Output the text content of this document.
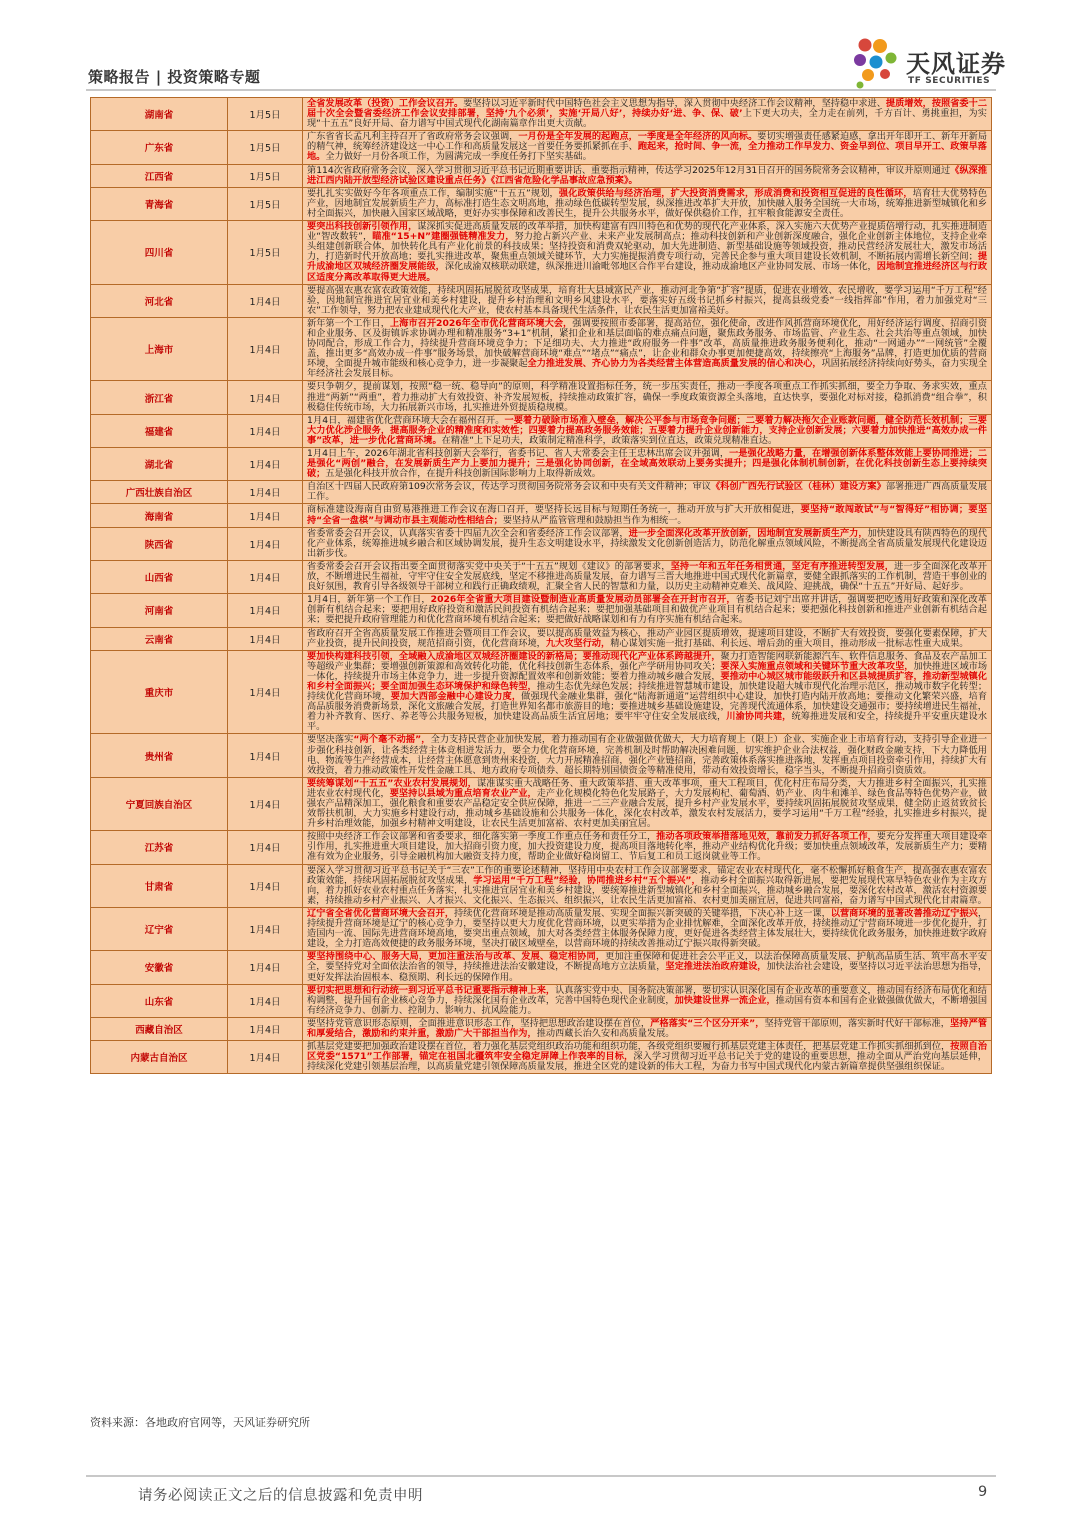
策略报告 | 投资策略专题	天风证券
TF SECURITIES
湖南省	1月5日	全省发展改革（投资）工作会议召开。要坚持以习近平新时代中国特色社会主义思想为指导，深入贯彻中央经济工作会议精神，坚持稳中求进、提质增效，按照省委十二届十次全会暨省委经济工作会议安排部署，坚持‘九个必须’，实施‘开局八好’，持续办好‘进、争、保、破’上下更大功夫，全力走在前列，千方百计、勇挑重担，为实现“十五五”良好开局、奋力谱写中国式现代化湖南篇章作出更大贡献。
广东省	1月5日	广东省省长孟凡利主持召开了省政府常务会议强调，一月份是全年发展的起跑点，一季度是全年经济的风向标。要切实增强责任感紧迫感，拿出开年即开工、新年开新局的精气神，统筹经济建设这一中心工作和高质量发展这一首要任务要抓紧抓在手、跑起来，抢时间、争一流，全力推动工作早发力、资金早到位、项目早开工、政策早落地。全力做好一月份各项工作，为圆满完成一季度任务打下坚实基础。
江西省	1月5日	第114次省政府常务会议，深入学习贯彻习近平总书记近期重要讲话、重要指示精神，传达学习2025年12月31日召开的国务院常务会议精神，审议并原则通过《纵深推进江西内陆开放型经济试验区建设重点任务》《江西省危险化学品事故应急预案》。
青海省	1月5日	要扎扎实实做好今年各项重点工作，编制实施“十五五”规划，强化政策供给与经济治理，扩大投资消费需求，形成消费和投资相互促进的良性循环，培育壮大优势特色产业，因地制宜发展新质生产力，高标准打造生态文明高地，推动绿色低碳转型发展，纵深推进改革扩大开放，加快融入服务全国统一大市场，统筹推进新型城镇化和乡村全面振兴，加快融入国家区域战略，更好办实事保障和改善民生，提升公共服务水平，做好保供稳价工作，扛牢粮食能源安全责任。
四川省	1月5日	要突出科技创新引领作用，谋深抓实促进高质量发展的改革举措，加快构建富有四川特色和优势的现代化产业体系，深入实施六大优势产业提质倍增行动，扎实推进制造业“智改数转”，瞄准“15+N”建圈强链精准发力，努力抢占新兴产业、未来产业发展制高点；推动科技创新和产业创新深度融合，强化企业创新主体地位，支持企业牵头组建创新联合体，加快转化具有产业化前景的科技成果；坚持投资和消费双轮驱动，加大先进制造、新型基础设施等领域投资，推动民营经济发展壮大，激发市场活力，打造新时代开放高地；要扎实推进改革，聚焦重点领域关键环节，大力实施提振消费专项行动，完善民企参与重大项目建设长效机制，不断拓展内需增长新空间；提升成渝地区双城经济圈发展能级，深化成渝双核联动联建，纵深推进川渝毗邻地区合作平台建设，推动成渝地区产业协同发展、市场一体化，因地制宜推进经济区与行政区适度分离改革取得更大进展。
河北省	1月4日	要提高强农惠农富农政策效能，持续巩固拓展脱贫攻坚成果，培育壮大县域富民产业，推动河北争第“扩容”提质，促进农业增效、农民增收，要学习运用“千万工程”经验，因地制宜推进宜居宜业和美乡村建设，提升乡村治理和文明乡风建设水平，要落实好五级书记抓乡村振兴，提高县级党委“一线指挥部”作用，着力加强党对“三农”工作领导，努力把农业建成现代化大产业，使农村基本具备现代生活条件，让农民生活更加富裕美好。
上海市	1月4日	新年第一个工作日，上海市召开2026年全市优化营商环境大会，强调要按照市委部署，提高站位，强化使命，改进作风抓营商环境优化，用好经济运行调度、招商引资和企业服务、区及街镇诉求协调办理和精准服务“3+1”机制，紧扣企业和基层面临的难点痛点问题，聚焦政务服务、市场监管、产业生态、社会共治等重点领域，加快协同配合，形成工作合力，持续提升营商环境竞争力；下足细功夫、大力推进“政府服务一件事”改革，高质量推进政务服务便利化，推动“一网通办”“一网统管”全覆盖，推出更多“高效办成一件事”服务场景，加快破解营商环境“难点”“堵点”“痛点”，让企业和群众办事更加便捷高效，持续擦亮“上海服务”品牌，打造更加优质的营商环境，全面提升城市能级和核心竞争力，进一步凝聚起全力推进发展、齐心协力为各类经营主体营造高质量发展的信心和决心，巩固拓展经济持续向好势头，奋力实现全年经济社会发展目标。
浙江省	1月4日	要只争朝夕，提前谋划，按照“稳一统、稳导向”的原则，科学精准设置指标任务，统一步压实责任，推动一季度各项重点工作抓实抓细，要全力争取、务求实效，重点推进“两新”“两重”，着力推动扩大有效投资、补齐发展短板，持续推动政策扩容，确保一季度政策资源全头落地，直达快享，要强化对标对接，稳抓消费“组合拳”，积极稳住传统市场，大力拓展新兴市场，扎实推进外贸提质稳规模。
福建省	1月4日	1月4日，福建省优化营商环境大会在福州召开。一要着力破除市场准入壁垒，解决公平参与市场竞争问题；二要着力解决拖欠企业账款问题，健全防范长效机制；三要大力优化涉企服务，提高服务企业的精准度和实效性；四要着力提高政务服务效能；五要着力提升企业创新能力，支持企业创新发展；六要着力加快推进“高效办成一件事”改革，进一步优化营商环境。在精准“上下足功夫，政策制定精准科学，政策落实到位直达，政策兑现精准直达。
湖北省	1月4日	1月4日上午，2026年湖北省科技创新大会举行，省委书记、省人大常委会主任王忠林出席会议并强调，一是强化战略力量，在增强创新体系整体效能上要协同推进；二是强化“两创”融合，在发展新质生产力上要加力提升；三是强化协同创新，在全域高效联动上要务实提升；四是强化体制机制创新，在优化科技创新生态上要持续突破；五是强化科技开放合作，在提升科技创新国际影响力上取得新成效。
广西壮族自治区	1月4日	自治区十四届人民政府第109次常务会议，传达学习贯彻国务院常务会议和中央有关文件精神；审议《科创广西先行试验区（桂林）建设方案》部署推进广西高质量发展工作。
海南省	1月4日	商标准建设海南自由贸易港推进工作会议在海口召开，要坚持长远目标与短期任务统一，推动开放与扩大开放相促进，要坚持“敢闯敢试”与“智得好”相协调；要坚持“全省一盘棋”与调动市县主观能动性相结合；要坚持从严监管管理和鼓励担当作为相统一。
陕西省	1月4日	省委常委会召开会议，认真落实省委十四届九次全会和省委经济工作会议部署，进一步全面深化改革开放创新，因地制宜发展新质生产力，加快建设具有陕西特色的现代化产业体系，统筹推进城乡融合和区域协调发展，提升生态文明建设水平，持续激发文化创新创造活力，防范化解重点领域风险，不断提高全省高质量发展现代化建设迈出新步伐。
山西省	1月4日	省委常委会召开会议指出要全面贯彻落实党中央关于“十五五”规划《建议》的部署要求，坚持一年和五年任务相贯通，坚定有序推进转型发展，进一步全面深化改革开放，不断增进民生福祉，守牢守住安全发展底线，坚定不移推进高质量发展，奋力谱写三晋大地推进中国式现代化新篇章，要健全跟抓落实的工作机制，营造干事创业的良好氛围，教育引导各级领导干部树立和践行正确政绩观，汇聚全省人民的智慧和力量，以历史主动精神克难关、战风险、迎挑战，确保“十五五”开好局、起好步。
河南省	1月4日	1月4日，新年第一个工作日，2026年全省重大项目建设暨制造业高质量发展动员部署会在开封市召开，省委书记刘宁出席并讲话，强调要把吃透用好政策和深化改革创新有机结合起来；要把用好政府投资和激活民间投资有机结合起来；要把加强基础项目和做优产业项目有机结合起来；要把强化科技创新和推进产业创新有机结合起来；要把提升政府管理能力和优化营商环境有机结合起来；要把做好战略谋划和有力有序实施有机结合起来。
云南省	1月4日	省政府召开全省高质量发展工作推进会暨项目工作会议，要以提高质量效益为核心，推动产业园区提质增效，提速项目建设，不断扩大有效投资，要强化要素保障，扩大产业投资，提升民间投资，规范招商引资，优化营商环境，九大攻坚行动，精心谋划实施一批打基础、利长远、增后劲的重大项目，推动形成一批标志性重大成果。
重庆市	1月4日	要加快构建科技引领，全域融入成渝地区双城经济圈建设的新格局；要推动现代化产业体系跨越提升，聚力打造智能网联新能源汽车、软件信息服务、食品及农产品加工等超级产业集群；要增强创新策源和高效转化功能，优化科技创新生态体系，强化产学研用协同攻关；要深入实施重点领域和关键环节重大改革攻坚，加快推进区域市场一体化，持续提升市场主体竞争力，进一步提升资源配置效率和创新效能；要着力推动城乡融合发展，要推动中心城区城市能级跃升和区县城提质扩容，推动新型城镇化和乡村全面振兴；要全面加强生态环境保护和绿色转型，推动生态优先绿色发展；持续推进智慧城市建设，加快建设超大城市现代化治理示范区，推动城市数字化转型；持续优化营商环境，要加大西部金融中心建设力度，做强现代金融业集群，强化“陆海新通道”运营组织中心建设，加快打造内陆开放高地；要推动文化繁荣兴盛，培育高品质服务消费新场景，深化文旅融合发展，打造世界知名都市旅游目的地；要推进城乡基础设施建设，完善现代流通体系，加快建设交通强市；要持续增进民生福祉，着力补齐教育、医疗、养老等公共服务短板，加快建设高品质生活宜居地；要牢牢守住安全发展底线，川渝协同共建，统筹推进发展和安全，持续提升平安重庆建设水平。
贵州省	1月4日	要坚决落实“两个毫不动摇”，全力支持民营企业加快发展，着力推动国有企业做强做优做大，大力培育规上（限上）企业、实施企业上市培育行动，支持引导企业进一步强化科技创新，让各类经营主体竞相迸发活力，要全力优化营商环境，完善机制及时帮助解决困难问题，切实维护企业合法权益，强化财政金融支持，下大力降低用电、物流等生产经营成本，让经营主体愿意到贵州来投资，大力开展精准招商，强化产业链招商，完善政策体系落实推进落地，发挥重点项目投资牵引作用，持续扩大有效投资，着力推动政策性开发性金融工具、地方政府专项债券、超长期特别国债资金等精准使用，带动有效投资增长，稳字当头，不断提升招商引资质效。
宁夏回族自治区	1月4日	要统筹谋划“十五五”农业农村发展规划，谋准谋实重大战略任务、重大政策举措、重大改革事项，重大工程项目，优化村庄布局分类，大力推进乡村全面振兴，扎实推进农业农村现代化，要坚持以县域为重点培育农业产业，走产业化规模化特色化发展路子，大力发展枸杞、葡萄酒、奶产业、肉牛和滩羊、绿色食品等特色优势产业，做强农产品精深加工，强化粮食和重要农产品稳定安全供应保障，推进一二三产业融合发展，提升乡村产业发展水平，要持续巩固拓展脱贫攻坚成果，健全防止返贫致贫长效帮扶机制，大力实施乡村建设行动，推动城乡基础设施和公共服务一体化，深化农村改革，激发农村发展活力，要学习运用“千万工程”经验，扎实推进乡村振兴，提升乡村治理效能，加强乡村精神文明建设，让农民生活更加富裕、农村更加美丽宜居。
江苏省	1月4日	按照中央经济工作会议部署和省委要求，细化落实第一季度工作重点任务和责任分工，推动各项政策举措落地见效，靠前发力抓好各项工作，要充分发挥重大项目建设牵引作用，扎实推进重大项目建设，加大招商引资力度，加大投资建设力度，提高项目落地转化率，推动产业结构优化升级；要加快重点领域改革，发展新质生产力；要精准有效为企业服务，引导金融机构加大融资支持力度，帮助企业做好稳岗留工、节后复工和员工返岗就业等工作。
甘肃省	1月4日	要深入学习贯彻习近平总书记关于“三农”工作的重要论述精神，坚持用中央农村工作会议部署要求，锚定农业农村现代化，毫不松懈抓好粮食生产，提高强农惠农富农政策效能，持续巩固拓展脱贫攻坚成果，学习运用“千万工程”经验，协同推进乡村“五个振兴”，推动乡村全面振兴取得新进展，要把发展现代寒旱特色农业作为主攻方向，着力抓好农业农村重点任务落实，扎实推进宜居宜业和美乡村建设，要统筹推进新型城镇化和乡村全面振兴，推动城乡融合发展，要深化农村改革，激活农村资源要素，持续推动乡村产业振兴、人才振兴、文化振兴、生态振兴、组织振兴，让农民生活更加富裕、农村更加美丽宜居，促进共同富裕，奋力谱写中国式现代化甘肃篇章。
辽宁省	1月4日	辽宁省全省优化营商环境大会召开，持续优化营商环境是推动高质量发展、实现全面振兴新突破的关键举措，下决心补上这一课，以营商环境的显著改善推动辽宁振兴，持续提升营商环境是辽宁的核心竞争力，要坚持以更大力度优化营商环境，以更实举措为企业排忧解难，全面深化改革开放，持续推动辽宁营商环境进一步优化提升，打造国内一流、国际先进营商环境高地，要突出重点领域，加大对各类经营主体服务保障力度，更好促进各类经营主体发展壮大，要持续优化政务服务，加快推进数字政府建设，全力打造高效便捷的政务服务环境，坚决打破区域壁垒，以营商环境的持续改善推动辽宁振兴取得新突破。
安徽省	1月4日	要坚持围绕中心、服务大局，更加注重法治与改革、发展、稳定相协同，更加注重保障和促进社会公平正义，以法治保障高质量发展、护航高品质生活、筑牢高水平安全，要坚持党对全面依法治省的领导，持续推进法治安徽建设，不断提高地方立法质量，坚定推进法治政府建设，加快法治社会建设，要坚持以习近平法治思想为指导，更好发挥法治固根本、稳预期、利长远的保障作用。
山东省	1月4日	要切实把思想和行动统一到习近平总书记重要指示精神上来，认真落实党中央、国务院决策部署，要切实认识深化国有企业改革的重要意义，推动国有经济布局优化和结构调整，提升国有企业核心竞争力，持续深化国有企业改革，完善中国特色现代企业制度，加快建设世界一流企业，推动国有资本和国有企业做强做优做大，不断增强国有经济竞争力、创新力、控制力、影响力、抗风险能力。
西藏自治区	1月4日	要坚持党管意识形态原则，全面推进意识形态工作，坚持把思想政治建设摆在首位，严格落实“三个区分开来”，坚持党管干部原则，落实新时代好干部标准，坚持严管和厚爱结合，激励和约束并重，激励广大干部担当作为，推动西藏长治久安和高质量发展。
内蒙古自治区	1月4日	抓基层党建要把加强政治建设摆在首位，着力强化基层党组织政治功能和组织功能，各级党组织要履行抓基层党建主体责任，把基层党建工作抓实抓细抓到位，按照自治区党委“1571”工作部署，锚定在祖国北疆筑牢安全稳定屏障上作表率的目标，深入学习贯彻习近平总书记关于党的建设的重要思想，推动全面从严治党向基层延伸，持续深化党建引领基层治理，以高质量党建引领保障高质量发展，推进全区党的建设新的伟大工程，为奋力书写中国式现代化内蒙古新篇章提供坚强组织保证。
资料来源：各地政府官网等，天风证券研究所
请务必阅读正文之后的信息披露和免责申明	9
